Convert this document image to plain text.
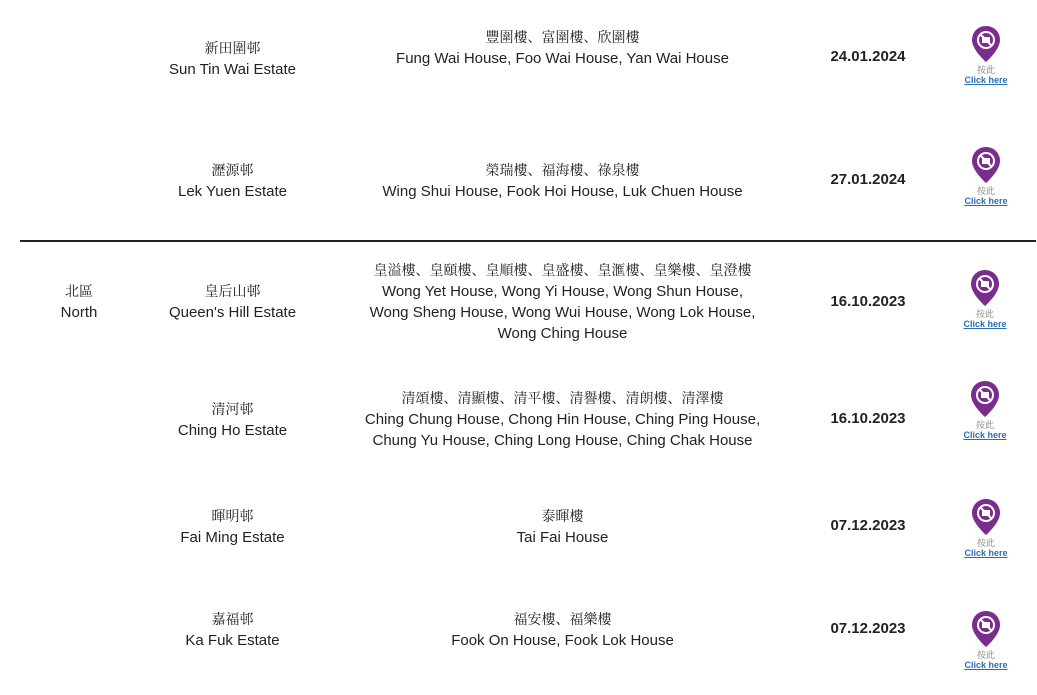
新田圍邨
Sun Tin Wai Estate
豐圍樓、富圍樓、欣圍樓
Fung Wai House, Foo Wai House, Yan Wai House	24.01.2024
按此
Click here
瀝源邨
Lek Yuen Estate
榮瑞樓、福海樓、祿泉樓
Wing Shui House, Fook Hoi House, Luk Chuen House
27.01.2024
按此
Click here
北區
North
皇后山邨
Queen's Hill Estate
皇溢樓、皇頤樓、皇順樓、皇盛樓、皇滙樓、皇樂樓、皇澄樓
Wong Yet House, Wong Yi House, Wong Shun House,
Wong Sheng House, Wong Wui House, Wong Lok House,
Wong Ching House
16.10.2023
按此
Click here
清河邨
Ching Ho Estate
清頌樓、清顯樓、清平樓、清譽樓、清朗樓、清澤樓
Ching Chung House, Chong Hin House, Ching Ping House,
Chung Yu House, Ching Long House, Ching Chak House
16.10.2023	按此
Click here
暉明邨
Fai Ming Estate
泰暉樓
Tai Fai House
07.12.2023
按此
Click here
嘉福邨
Ka Fuk Estate
福安樓、福樂樓
Fook On House, Fook Lok House
07.12.2023
按此
Click here
